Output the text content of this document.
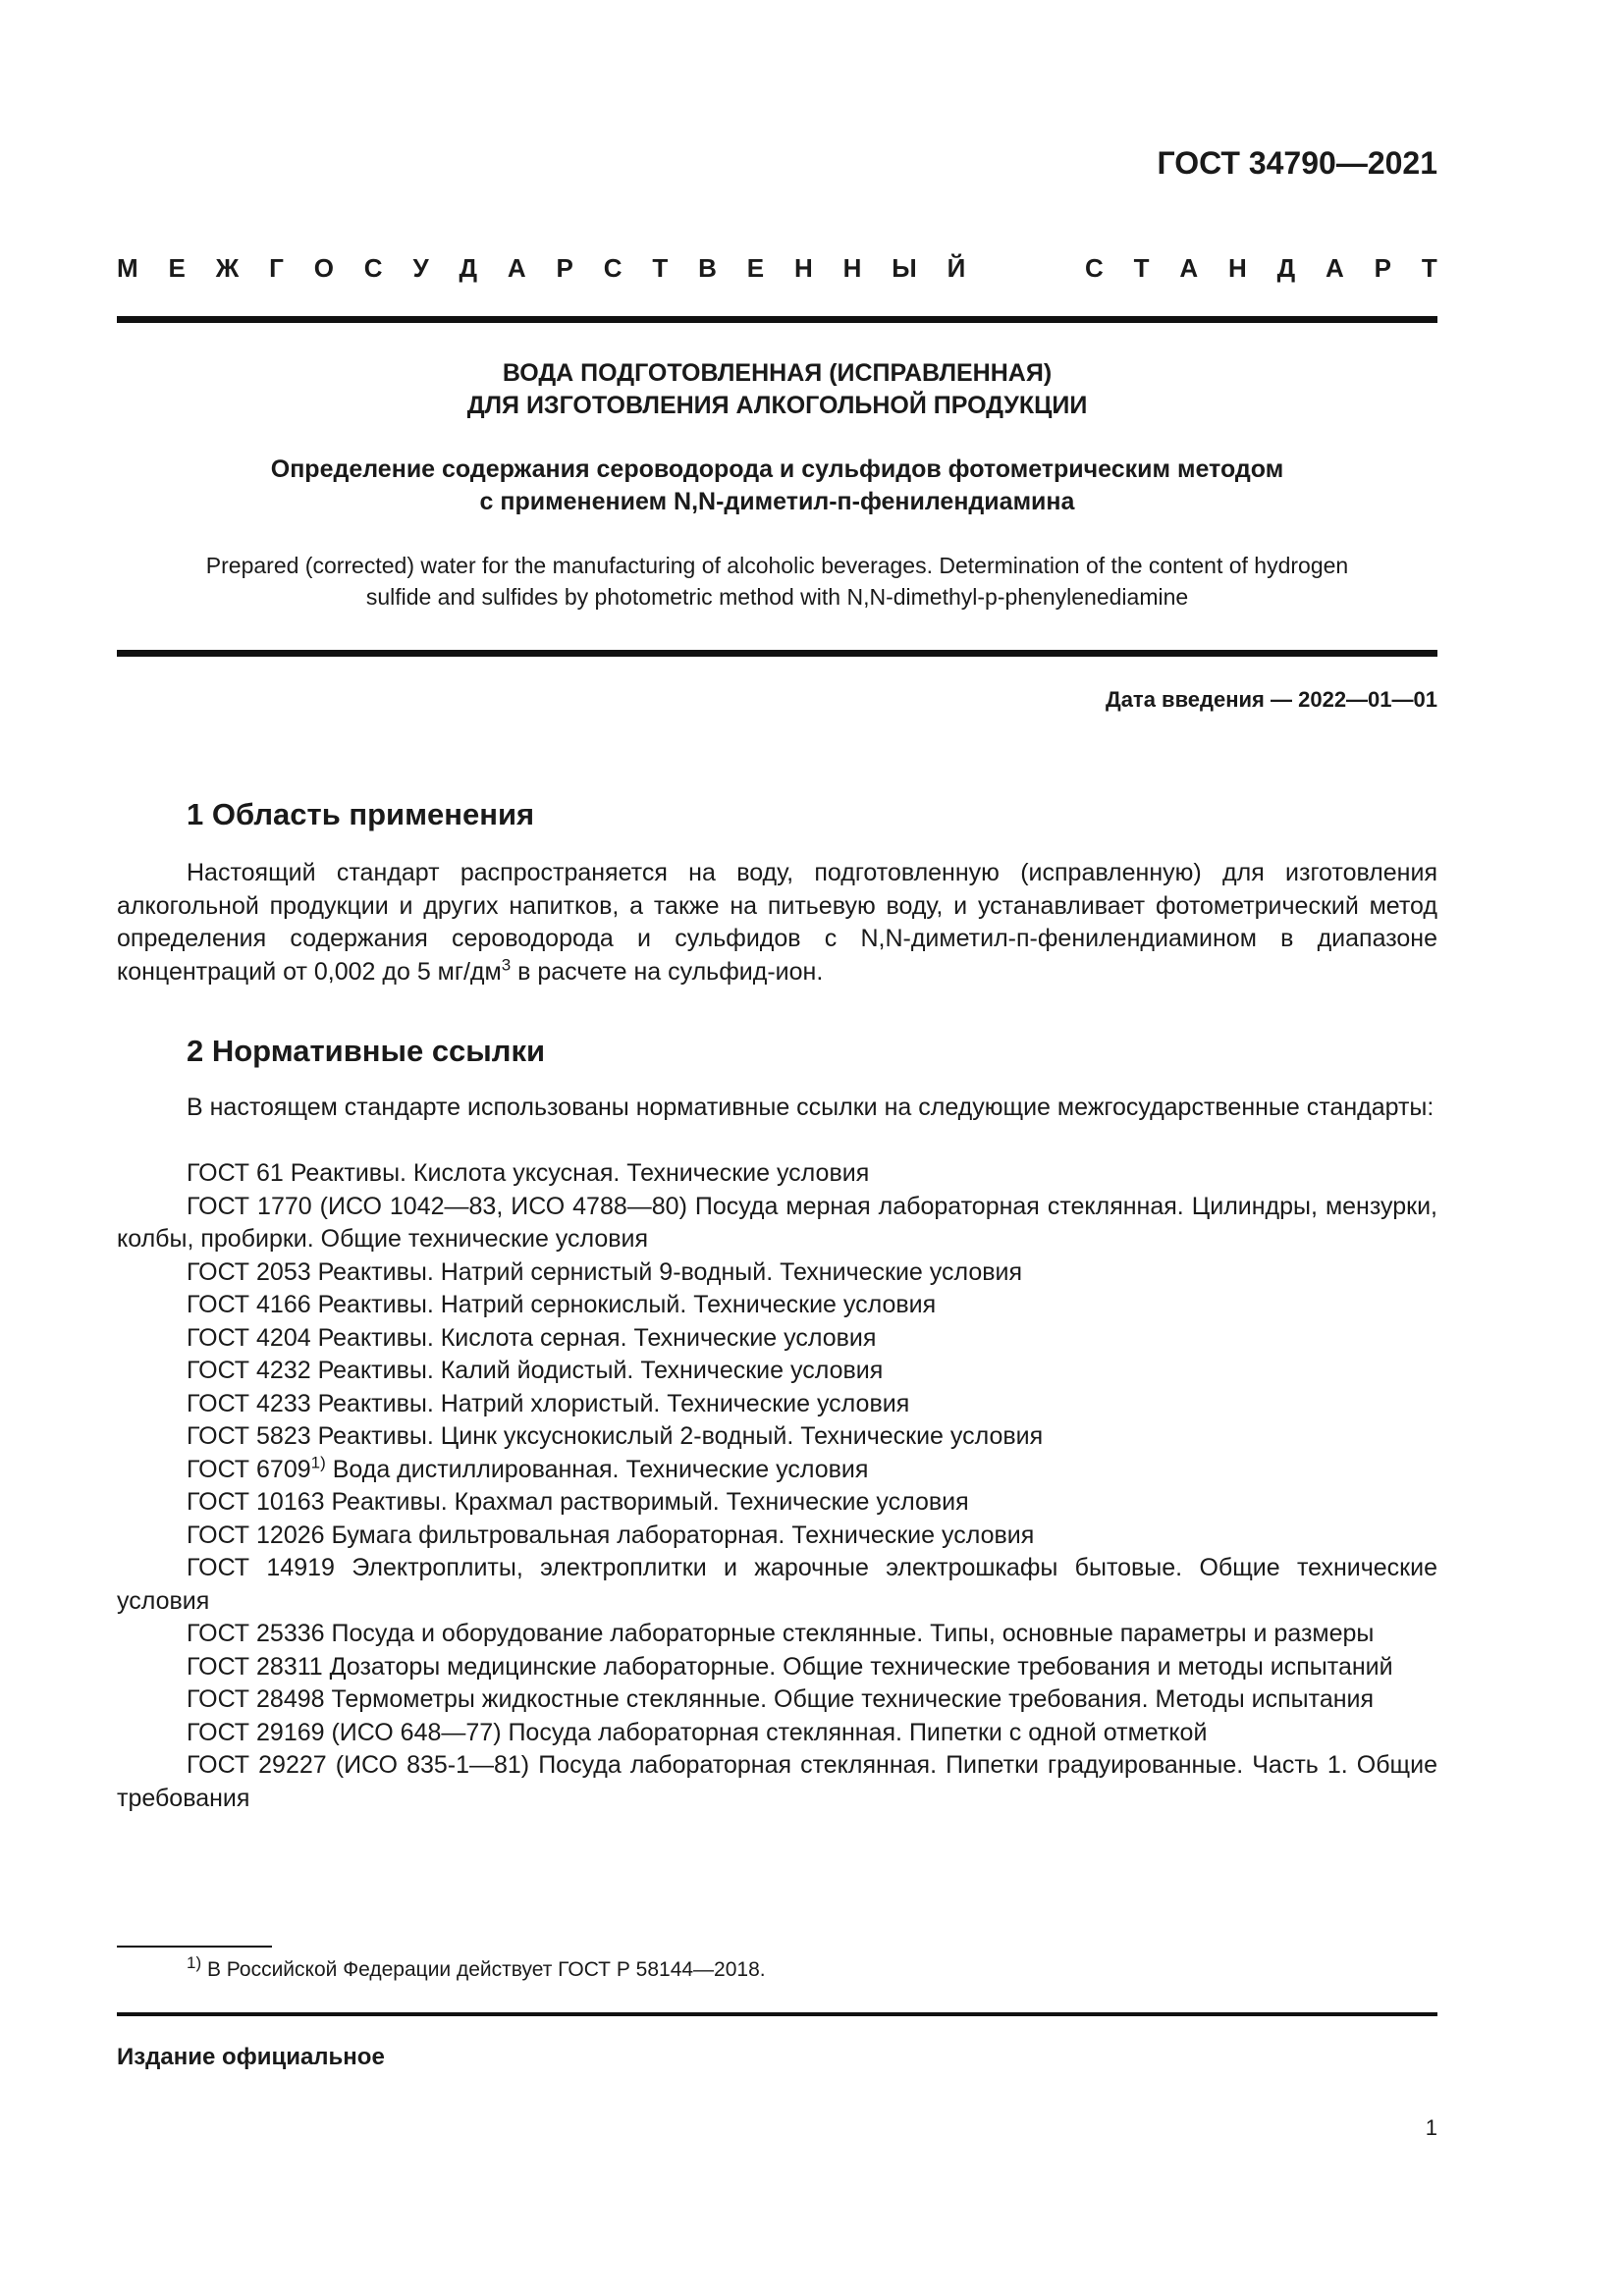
ГОСТ 34790—2021
М Е Ж Г О С У Д А Р С Т В Е Н Н Ы Й	С Т А Н Д А Р Т
ВОДА ПОДГОТОВЛЕННАЯ (ИСПРАВЛЕННАЯ)
ДЛЯ ИЗГОТОВЛЕНИЯ АЛКОГОЛЬНОЙ ПРОДУКЦИИ
Определение содержания сероводорода и сульфидов фотометрическим методом
с применением N,N-диметил-п-фенилендиамина
Prepared (corrected) water for the manufacturing of alcoholic beverages. Determination of the content of hydrogen
sulfide and sulfides by photometric method with N,N-dimethyl-p-phenylenediamine
Дата введения — 2022—01—01
1 Область применения
Настоящий стандарт распространяется на воду, подготовленную (исправленную) для изготовления алкогольной продукции и других напитков, а также на питьевую воду, и устанавливает фотометрический метод определения содержания сероводорода и сульфидов с N,N-диметил-п-фенилендиамином в диапазоне концентраций от 0,002 до 5 $мг/дм^3$ в расчете на сульфид-ион.
2 Нормативные ссылки
В настоящем стандарте использованы нормативные ссылки на следующие межгосударственные стандарты:

ГОСТ 61 Реактивы. Кислота уксусная. Технические условия

ГОСТ 1770 (ИСО 1042—83, ИСО 4788—80) Посуда мерная лабораторная стеклянная. Цилиндры, мензурки, колбы, пробирки. Общие технические условия

ГОСТ 2053 Реактивы. Натрий сернистый 9-водный. Технические условия

ГОСТ 4166 Реактивы. Натрий сернокислый. Технические условия

ГОСТ 4204 Реактивы. Кислота серная. Технические условия

ГОСТ 4232 Реактивы. Калий йодистый. Технические условия

ГОСТ 4233 Реактивы. Натрий хлористый. Технические условия

ГОСТ 5823 Реактивы. Цинк уксуснокислый 2-водный. Технические условия

ГОСТ 6709$^{1)}$ Вода дистиллированная. Технические условия

ГОСТ 10163 Реактивы. Крахмал растворимый. Технические условия

ГОСТ 12026 Бумага фильтровальная лабораторная. Технические условия

ГОСТ 14919 Электроплиты, электроплитки и жарочные электрошкафы бытовые. Общие технические условия

ГОСТ 25336 Посуда и оборудование лабораторные стеклянные. Типы, основные параметры и размеры

ГОСТ 28311 Дозаторы медицинские лабораторные. Общие технические требования и методы испытаний

ГОСТ 28498 Термометры жидкостные стеклянные. Общие технические требования. Методы испытания

ГОСТ 29169 (ИСО 648—77) Посуда лабораторная стеклянная. Пипетки с одной отметкой

ГОСТ 29227 (ИСО 835-1—81) Посуда лабораторная стеклянная. Пипетки градуированные. Часть 1. Общие требования

$^{1)}$ В Российской Федерации действует ГОСТ Р 58144—2018.
Издание официальное
1
